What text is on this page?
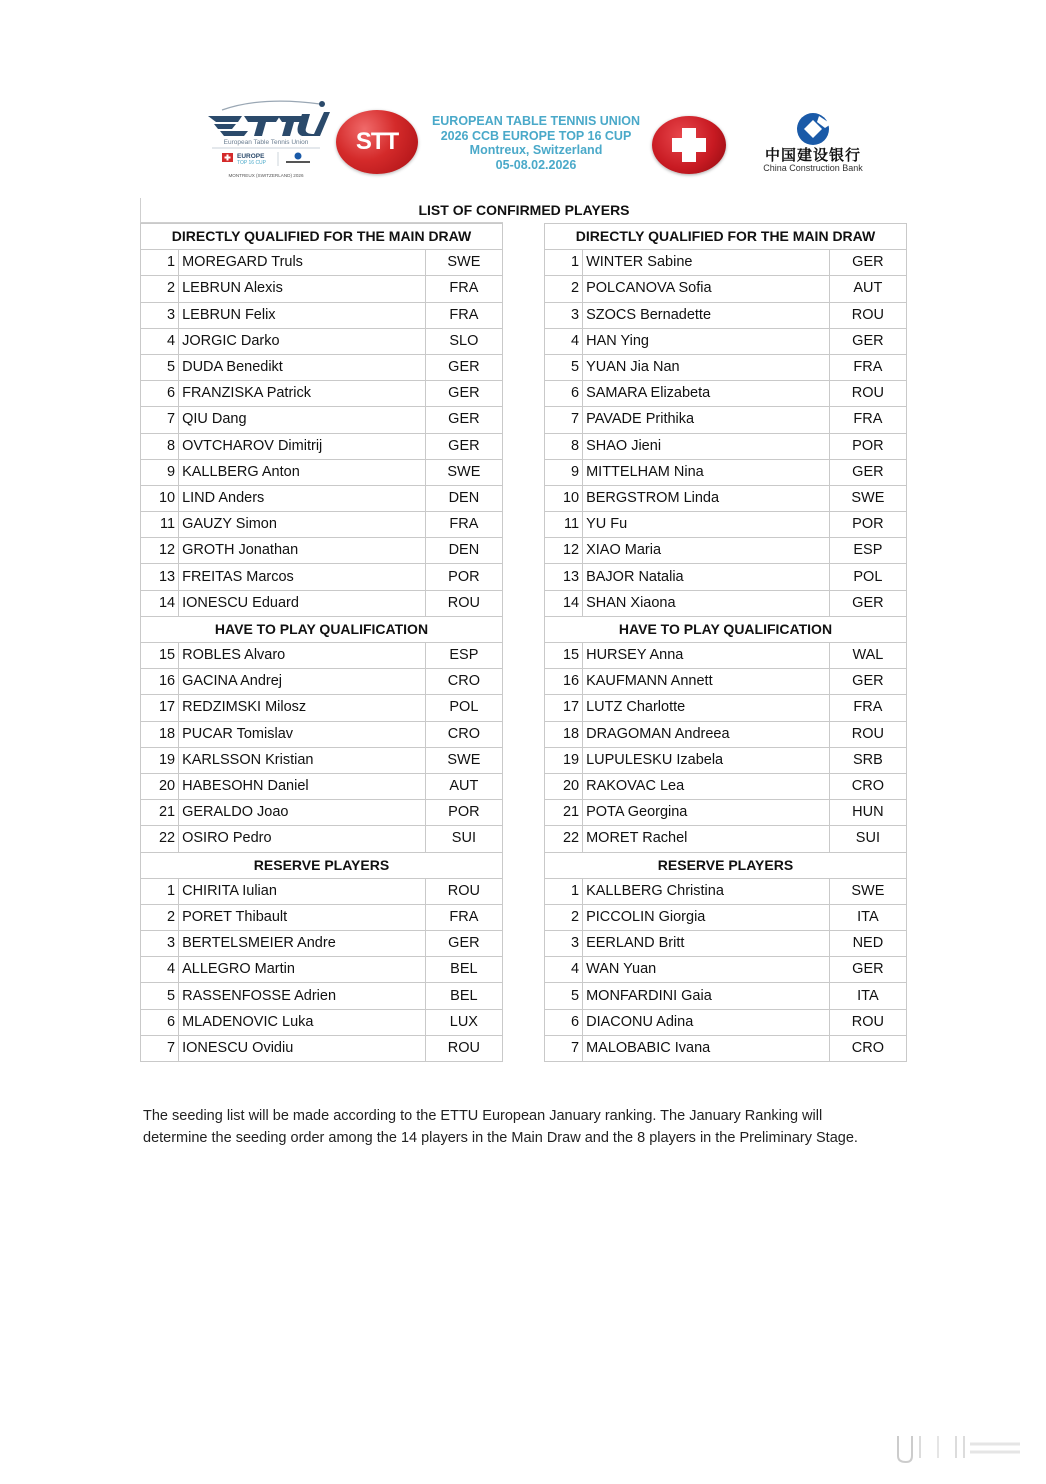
European Table Tennis Union
EUROPE
TOP 16 CUP
MONTREUX (SWITZERLAND) 2026
STT
EUROPEAN TABLE TENNIS UNION
2026 CCB EUROPE TOP 16 CUP
Montreux, Switzerland
05-08.02.2026
中国建设银行
China Construction Bank
LIST OF CONFIRMED PLAYERS
DIRECTLY QUALIFIED FOR THE MAIN DRAW		
1	MOREGARD Truls	SWE
2	LEBRUN Alexis	FRA
3	LEBRUN Felix	FRA
4	JORGIC Darko	SLO
5	DUDA Benedikt	GER
6	FRANZISKA Patrick	GER
7	QIU Dang	GER
8	OVTCHAROV Dimitrij	GER
9	KALLBERG Anton	SWE
10	LIND Anders	DEN
11	GAUZY Simon	FRA
12	GROTH Jonathan	DEN
13	FREITAS Marcos	POR
14	IONESCU Eduard	ROU
HAVE TO PLAY QUALIFICATION		
15	ROBLES Alvaro	ESP
16	GACINA Andrej	CRO
17	REDZIMSKI Milosz	POL
18	PUCAR Tomislav	CRO
19	KARLSSON Kristian	SWE
20	HABESOHN Daniel	AUT
21	GERALDO Joao	POR
22	OSIRO Pedro	SUI
RESERVE PLAYERS		
1	CHIRITA Iulian	ROU
2	PORET Thibault	FRA
3	BERTELSMEIER Andre	GER
4	ALLEGRO Martin	BEL
5	RASSENFOSSE Adrien	BEL
6	MLADENOVIC Luka	LUX
7	IONESCU Ovidiu	ROU
DIRECTLY QUALIFIED FOR THE MAIN DRAW		
1	WINTER Sabine	GER
2	POLCANOVA Sofia	AUT
3	SZOCS Bernadette	ROU
4	HAN Ying	GER
5	YUAN Jia Nan	FRA
6	SAMARA Elizabeta	ROU
7	PAVADE Prithika	FRA
8	SHAO Jieni	POR
9	MITTELHAM Nina	GER
10	BERGSTROM Linda	SWE
11	YU Fu	POR
12	XIAO Maria	ESP
13	BAJOR Natalia	POL
14	SHAN Xiaona	GER
HAVE TO PLAY QUALIFICATION		
15	HURSEY Anna	WAL
16	KAUFMANN Annett	GER
17	LUTZ Charlotte	FRA
18	DRAGOMAN Andreea	ROU
19	LUPULESKU Izabela	SRB
20	RAKOVAC Lea	CRO
21	POTA Georgina	HUN
22	MORET Rachel	SUI
RESERVE PLAYERS		
1	KALLBERG Christina	SWE
2	PICCOLIN Giorgia	ITA
3	EERLAND Britt	NED
4	WAN Yuan	GER
5	MONFARDINI Gaia	ITA
6	DIACONU Adina	ROU
7	MALOBABIC Ivana	CRO
The seeding list will be made according to the ETTU European January ranking. The January Ranking will
determine the seeding order among the 14 players in the Main Draw and the 8 players in the Preliminary Stage.
